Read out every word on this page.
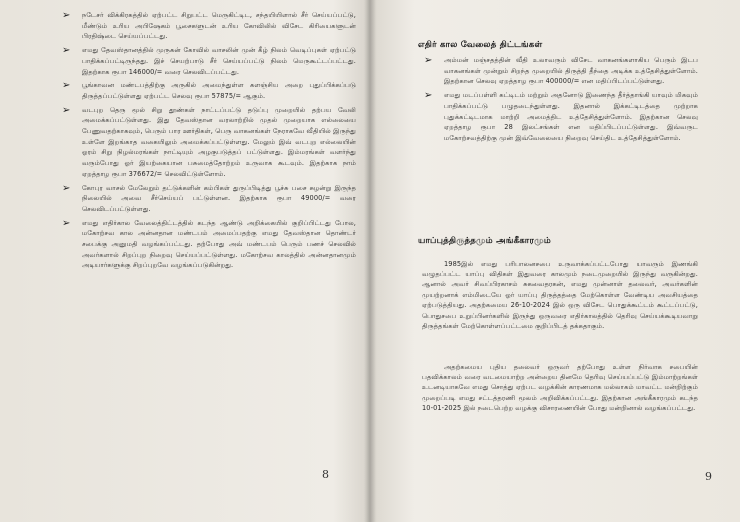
➢ நடேசர் விக்கிரகத்தில் ஏற்பட்ட சிறுபட்ட மெருகிட்டிட, சந்தயியிளால் சீர் செய்யப்பட்டு, மீண்டும் உரிய அபிஷேகம் பூசைகளுடன் உரிய கோவிலில் விசேட கிரியைகளுடன் பிரதிஷ்டை செய்யப்பட்டது.
➢ எமது தேவஸ்தானத்தில் முருகன் கோவில் வாசலின் முன் கீழ் நிலம் வெடிப்புகள் ஏற்பட்டு பாதிக்கப்பட்டிருந்தது. இச் செயற்பாடு சீர் செய்யப்பட்டு நிலம் மெருகூட்டப்பட்டது. இதற்காக ரூபா 146000/= வரை செலவிடப்பட்டது.
➢ பூங்காவன மண்டபத்திற்கு அருகில் அமைந்துள்ள களஞ்சிய அறை புதுப்பிக்கப்படு திருத்தப்பட்டுள்ளது ஏற்பட்ட செலவு ரூபா 57875/= ஆகும்.
➢ வடபுற தெரு மூல் சிறு தூண்கள் நாட்டப்பட்டு தடுப்பு முறையில் தற்பய வேலி அமைக்கப்பட்டுள்ளது. இது தேவஸ்தான வரலாற்றில் முதல் முறையாக எல்லையை பேணுவதற்காகவும், பெரும் பார ஊர்திகள், பெரு வாகனங்கள் நேராகவே வீதியில் இருந்து உள்ளே இறங்காத வகையிலும் அமைக்கப்பட்டுள்ளது. மேலும் இவ் வடபுற எல்லையின் ஓரம் சிறு நிழல்மரங்கள் நாட்டியும் அழகுபடுத்தப் பட்டுள்ளது. இம்மரங்கள் வளர்ந்து வரும்போது ஓர் இயற்கையான பசுமைத்தோற்றம் உருவாக கூடவும். இதற்காக நாம் ஏறத்தாழ ரூபா 376672/= செலவிட்டுள்ளோம்.
➢ கோபுர வாசல் மேலேறும் தட்டுக்களின் கம்பிகள் துருப்பிடித்து பூச்சு பசை சுழன்று இருந்த நிலையில் அவை சீர்செய்யப் பட்டுள்ளன. இதற்காக ரூபா 49000/= வரை செலவிடப்பட்டுள்ளது.
➢ எமது எதிர்கால வேலைத்திட்டத்தில் கடந்த ஆண்டு அறிக்கையில் குறிப்பிட்டது போல, மகோற்சவ கால அன்னதான மண்டபம் அமைப்பதற்கு எமது தேவஸ்தான தொண்டர் சபைக்கு அனுமதி வழங்கப்பட்டது. தற்போது அவ் மண்டபம் பெரும் பணச் செலவில் அவர்களால் சிறப்புற நிறைவு செய்யப்பட்டுள்ளது. மகோற்சவ காலத்தில் அன்னதானமும் அடியார்களுக்கு சிறப்புறவே வழங்கப்படுகின்றது.
8
எதிர் கால வேலைத் திட்டங்கள்
➢ அம்மன் மஞ்சதத்தின் வீதி உலாவரும் விசேட வாகனங்களாகிய பெரும் இடப வாகனங்கள் முன்றும் சிறந்த முறையில் திருத்தி தீந்தை அடிக்க உத்தேசித்துள்ளோம். இதற்கான செலவு ஏறத்தாழ ரூபா 400000/= என மதிப்பிடப்பட்டுள்ளது.
➢ எமது மடப்பள்ளி கட்டிடம் மற்றும் அதனோடு இணைந்த தீர்த்தாங்கி யாவும் மிகவும் பாதிக்கப்பட்டு பழுதடைந்துள்ளது. இதனால் இக்கட்டிடத்தை முற்றாக புதுக்கட்டிடமாக மாற்றி அமைத்திட உத்தேசித்துள்ளோம். இதற்கான செலவு ஏறத்தாழ ரூபா 28 இலட்சங்கள் என மதிப்பிடப்பட்டுள்ளது. இவ்வருட மகோற்சவத்திற்கு முன் இவ்வேலையை நிறைவு செய்திட உத்தேசித்துள்ளோம்.
யாப்புத்திருத்தமும் அங்கீகாரமும்

1985இல் எமது பரிபாலனசபை உருவாக்கப்பட்டபோது யாவரும் இணங்கி வழுதப்பட்ட யாப்பு விதிகள் இதுவரை காலமும் நடைமுறையில் இருந்து வருகின்றது. ஆனால் அவர் சிவப்பிரகாசம் சுகவைதரகன், எமது முன்னாள் தலைவர், அவர்களின் முயற்றனாக் எம்மிடையே ஓர் யாப்பு திருத்தத்தை மேற்கொள்ள வேண்டிய அவசியத்தை ஏற்படுத்தியது. அதற்கமைய 26-10-2024 இல் ஒரு விசேட பொதுக்கூட்டம் கூட்டப்பட்டு, பொதுசபை உறுப்பினர்களில் இருந்து ஒருவரை எதிர்காலத்தில் தெரிவு செய்யக்கூடியவாறு திருத்தங்கள் மேற்கொள்ளப்பட்டமை குறிப்பிடத் தக்கதாகும்.

அதற்கமைய புதிய தலைவர் ஒருவர் தற்போது உள்ள நிர்வாக சபையின் பதவிக்காலம் வரை வடமையாற்ற அன்றைய தினமே தெரிவு செய்யப்பட்டு இம்மாற்றங்கள் உடனடியாகவே எமது சொத்து ஏற்பட வழக்கின் காரணமாக மல்லாகம் மாவட்ட மன்றிற்கும் முறைப்படி எமது சட்டத்தரணி மூலம் அறிவிக்கப்பட்டது. இதற்கான அங்கீகாரமும் கடந்த 10-01-2025 இல் நடைபெற்ற வழக்கு விசாரணையின் போது மன்றினால் வழங்கப்பட்டது.

9
